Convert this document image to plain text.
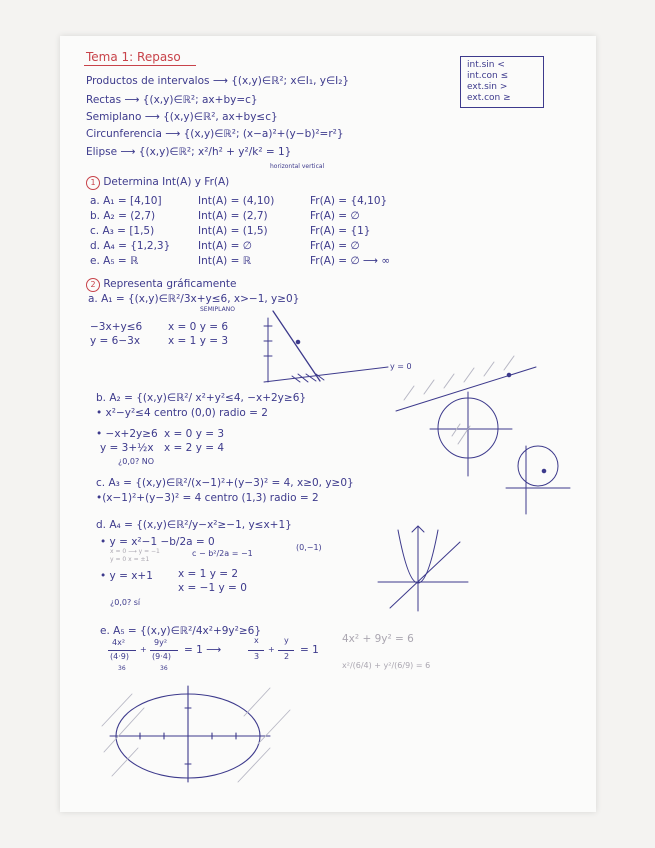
Tema 1: Repaso
int.sin <
int.con ≤
ext.sin >
ext.con ≥
Productos de intervalos ⟶ {(x,y)∈ℝ²; x∈I₁, y∈I₂}
Rectas ⟶ {(x,y)∈ℝ²; ax+by=c}
Semiplano ⟶ {(x,y)∈ℝ², ax+by≤c}
Circunferencia ⟶ {(x,y)∈ℝ²; (x−a)²+(y−b)²=r²}
Elipse ⟶ {(x,y)∈ℝ²; x²/h² + y²/k² = 1}
horizontal vertical
1 Determina Int(A) y Fr(A)
a. A₁ = [4,10]	Int(A) = (4,10)	Fr(A) = {4,10}
b. A₂ = (2,7)	Int(A) = (2,7)	Fr(A) = ∅
c. A₃ = [1,5)	Int(A) = (1,5)	Fr(A) = {1}
d. A₄ = {1,2,3}	Int(A) = ∅	Fr(A) = ∅
e. A₅ = ℝ	Int(A) = ℝ	Fr(A) = ∅ ⟶ ∞
2 Representa gráficamente
a. A₁ = {(x,y)∈ℝ²/3x+y≤6, x>−1, y≥0}
SEMIPLANO
−3x+y≤6
y = 6−3x
x = 0 y = 6
x = 1 y = 3
y = 0
b. A₂ = {(x,y)∈ℝ²/ x²+y²≤4, −x+2y≥6}
• x²−y²≤4 centro (0,0) radio = 2
• −x+2y≥6
y = 3+½x
x = 0 y = 3
x = 2 y = 4
¿0,0? NO
c. A₃ = {(x,y)∈ℝ²/(x−1)²+(y−3)² = 4, x≥0, y≥0}
•(x−1)²+(y−3)² = 4 centro (1,3) radio = 2
d. A₄ = {(x,y)∈ℝ²/y−x²≥−1, y≤x+1}
• y = x²−1 −b/2a = 0
c − b²/2a = −1
(0,−1)
x = 0 ⟶ y = −1
y = 0 x = ±1
• y = x+1 x = 1 y = 2
x = −1 y = 0
¿0,0? sí
e. A₅ = {(x,y)∈ℝ²/4x²+9y²≥6}
4x²
(4·9)
36
+
9y²
(9·4)
36
= 1 ⟶
x
3
+
y
2
= 1
4x² + 9y² = 6
x²/(6/4) + y²/(6/9) = 6
